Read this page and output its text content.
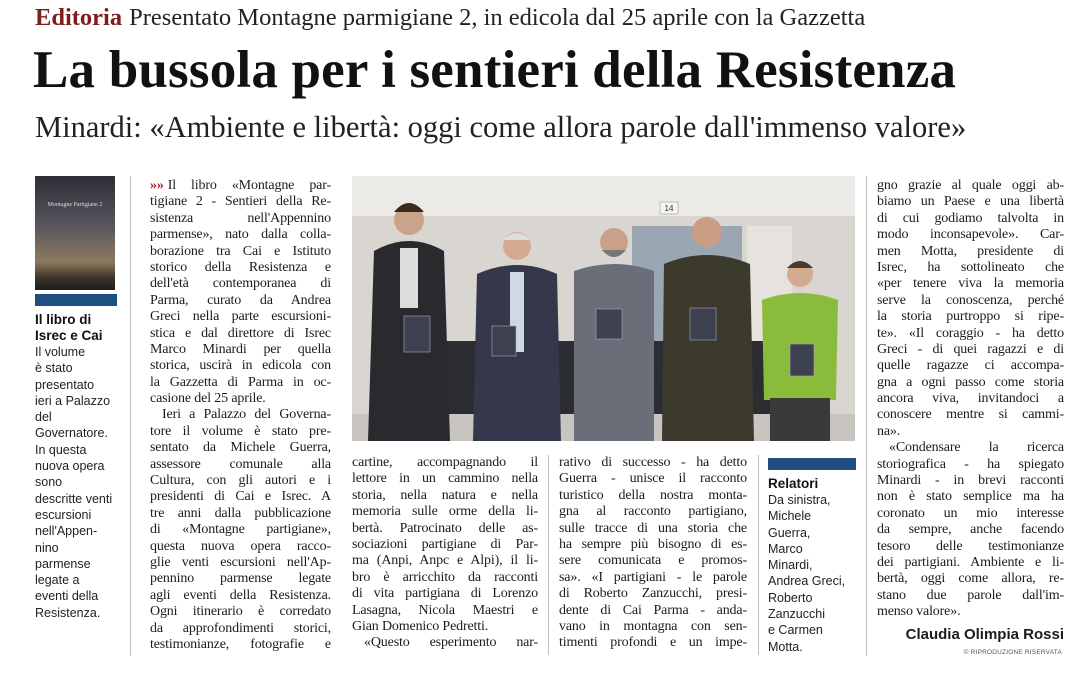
Editoria Presentato Montagne parmigiane 2, in edicola dal 25 aprile con la Gazzetta
La bussola per i sentieri della Resistenza
Minardi: «Ambiente e libertà: oggi come allora parole dall'immenso valore»
Montagne Partigiane 2
Il libro di
Isrec e Cai
Il volume
è stato
presentato
ieri a Palazzo
del
Governatore.
In questa
nuova opera
sono
descritte venti
escursioni
nell'Appen-
nino
parmense
legate a
eventi della
Resistenza.
»» Il libro «Montagne par-
tigiane 2 - Sentieri della Re-
sistenza nell'Appennino
parmense», nato dalla colla-
borazione tra Cai e Istituto
storico della Resistenza e
dell'età contemporanea di
Parma, curato da Andrea
Greci nella parte escursioni-
stica e dal direttore di Isrec
Marco Minardi per quella
storica, uscirà in edicola con
la Gazzetta di Parma in oc-
casione del 25 aprile.
Ieri a Palazzo del Governa-
tore il volume è stato pre-
sentato da Michele Guerra,
assessore comunale alla
Cultura, con gli autori e i
presidenti di Cai e Isrec. A
tre anni dalla pubblicazione
di «Montagne partigiane»,
questa nuova opera racco-
glie venti escursioni nell'Ap-
pennino parmense legate
agli eventi della Resistenza.
Ogni itinerario è corredato
da approfondimenti storici,
testimonianze, fotografie e
cartine, accompagnando il
lettore in un cammino nella
storia, nella natura e nella
memoria sulle orme della li-
bertà. Patrocinato delle as-
sociazioni partigiane di Par-
ma (Anpi, Anpc e Alpi), il li-
bro è arricchito da racconti
di vita partigiana di Lorenzo
Lasagna, Nicola Maestri e
Gian Domenico Pedretti.
«Questo esperimento nar-
rativo di successo - ha detto
Guerra - unisce il racconto
turistico della nostra monta-
gna al racconto partigiano,
sulle tracce di una storia che
ha sempre più bisogno di es-
sere comunicata e promos-
sa». «I partigiani - le parole
di Roberto Zanzucchi, presi-
dente di Cai Parma - anda-
vano in montagna con sen-
timenti profondi e un impe-
gno grazie al quale oggi ab-
biamo un Paese e una libertà
di cui godiamo talvolta in
modo inconsapevole». Car-
men Motta, presidente di
Isrec, ha sottolineato che
«per tenere viva la memoria
serve la conoscenza, perché
la storia purtroppo si ripe-
te». «Il coraggio - ha detto
Greci - di quei ragazzi e di
quelle ragazze ci accompa-
gna a ogni passo come storia
ancora viva, invitandoci a
conoscere mentre si cammi-
na».
«Condensare la ricerca
storiografica - ha spiegato
Minardi - in brevi racconti
non è stato semplice ma ha
coronato un mio interesse
da sempre, anche facendo
tesoro delle testimonianze
dei partigiani. Ambiente e li-
bertà, oggi come allora, re-
stano due parole dall'im-
menso valore».
14
Relatori
Da sinistra,
Michele
Guerra,
Marco
Minardi,
Andrea Greci,
Roberto
Zanzucchi
e Carmen
Motta.
Claudia Olimpia Rossi
© RIPRODUZIONE RISERVATA
